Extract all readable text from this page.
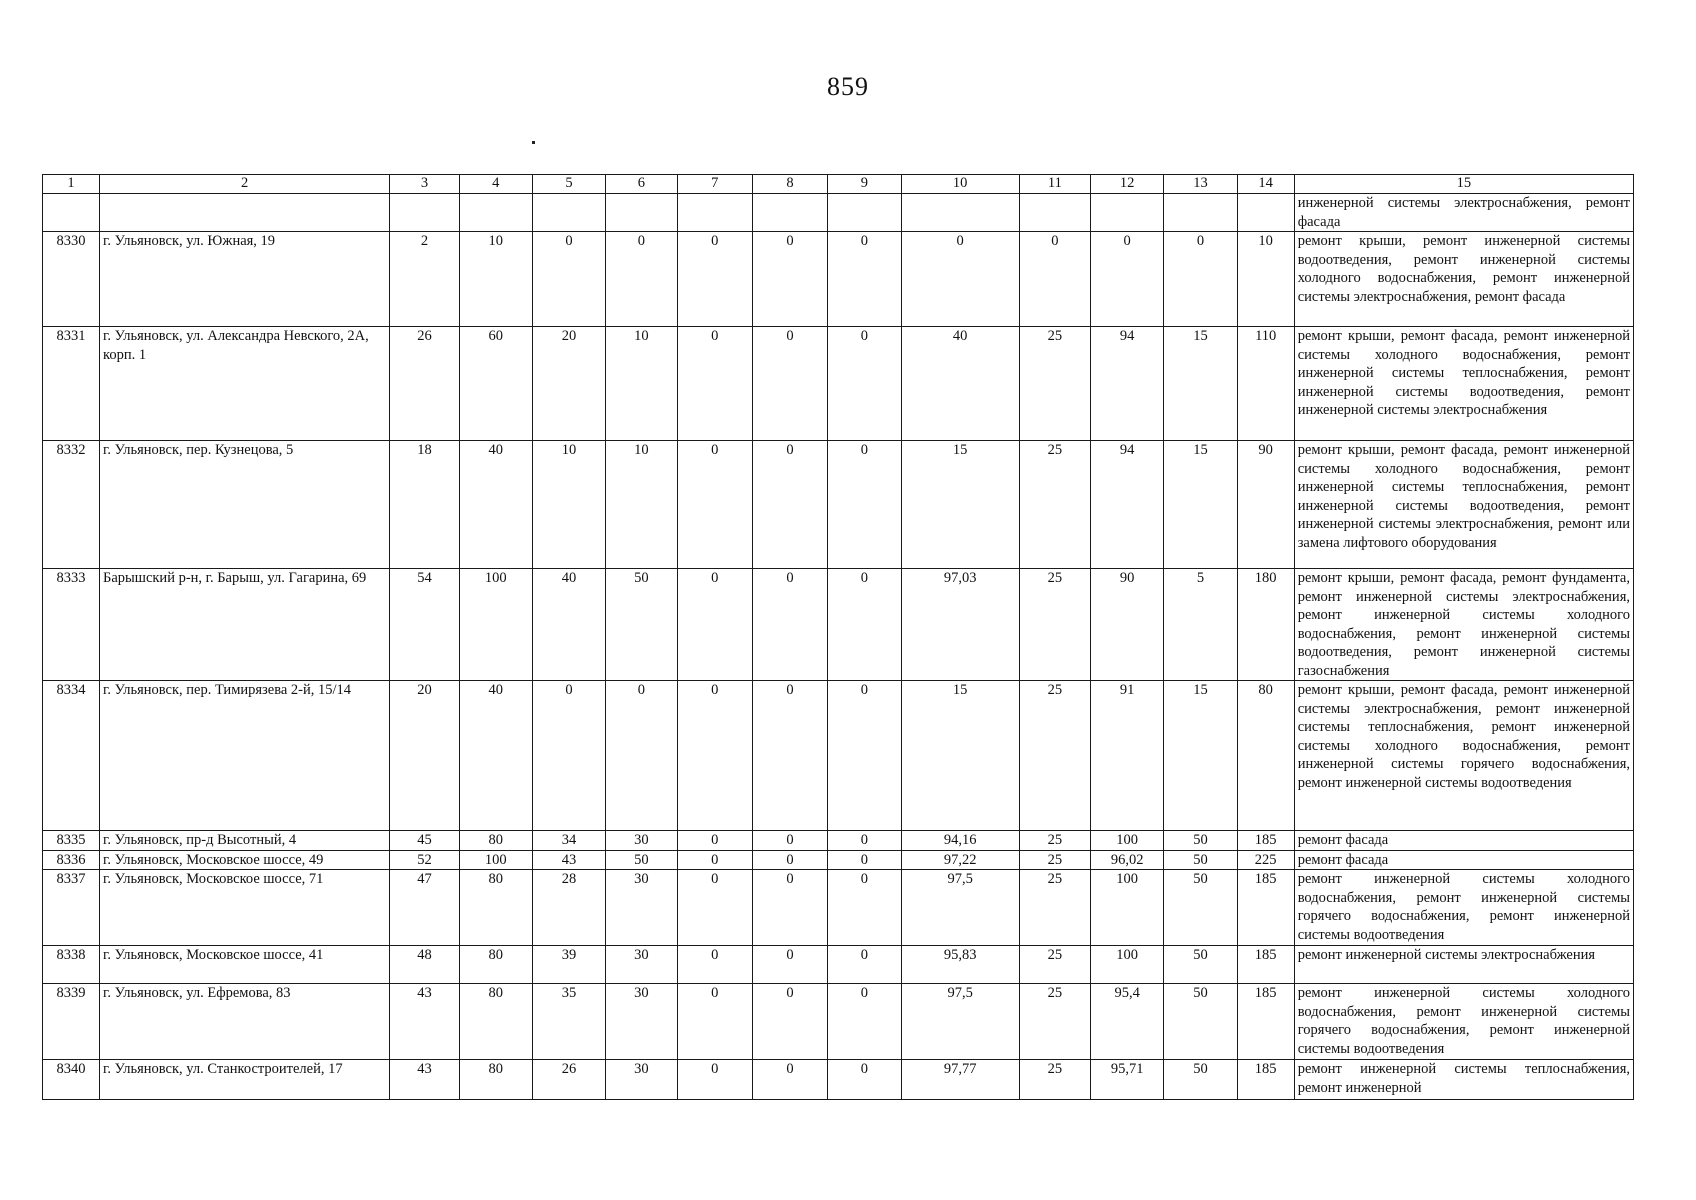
859
1	2	3	4	5	6	7	8	9	10	11	12	13	14	15
														инженерной системы электроснабжения, ремонт фасада
8330	г. Ульяновск, ул. Южная, 19	2	10	0	0	0	0	0	0	0	0	0	10	ремонт крыши, ремонт инженерной системы водоотведения, ремонт инженерной системы холодного водоснабжения, ремонт инженерной системы электроснабжения, ремонт фасада
8331	г. Ульяновск, ул. Александра Невского, 2А, корп. 1	26	60	20	10	0	0	0	40	25	94	15	110	ремонт крыши, ремонт фасада, ремонт инженерной системы холодного водоснабжения, ремонт инженерной системы теплоснабжения, ремонт инженерной системы водоотведения, ремонт инженерной системы электроснабжения
8332	г. Ульяновск, пер. Кузнецова, 5	18	40	10	10	0	0	0	15	25	94	15	90	ремонт крыши, ремонт фасада, ремонт инженерной системы холодного водоснабжения, ремонт инженерной системы теплоснабжения, ремонт инженерной системы водоотведения, ремонт инженерной системы электроснабжения, ремонт или замена лифтового оборудования
8333	Барышский р-н, г. Барыш, ул. Гагарина, 69	54	100	40	50	0	0	0	97,03	25	90	5	180	ремонт крыши, ремонт фасада, ремонт фундамента, ремонт инженерной системы электроснабжения, ремонт инженерной системы холодного водоснабжения, ремонт инженерной системы водоотведения, ремонт инженерной системы газоснабжения
8334	г. Ульяновск, пер. Тимирязева 2-й, 15/14	20	40	0	0	0	0	0	15	25	91	15	80	ремонт крыши, ремонт фасада, ремонт инженерной системы электроснабжения, ремонт инженерной системы теплоснабжения, ремонт инженерной системы холодного водоснабжения, ремонт инженерной системы горячего водоснабжения, ремонт инженерной системы водоотведения
8335	г. Ульяновск, пр-д Высотный, 4	45	80	34	30	0	0	0	94,16	25	100	50	185	ремонт фасада
8336	г. Ульяновск, Московское шоссе, 49	52	100	43	50	0	0	0	97,22	25	96,02	50	225	ремонт фасада
8337	г. Ульяновск, Московское шоссе, 71	47	80	28	30	0	0	0	97,5	25	100	50	185	ремонт инженерной системы холодного водоснабжения, ремонт инженерной системы горячего водоснабжения, ремонт инженерной системы водоотведения
8338	г. Ульяновск, Московское шоссе, 41	48	80	39	30	0	0	0	95,83	25	100	50	185	ремонт инженерной системы электроснабжения
8339	г. Ульяновск, ул. Ефремова, 83	43	80	35	30	0	0	0	97,5	25	95,4	50	185	ремонт инженерной системы холодного водоснабжения, ремонт инженерной системы горячего водоснабжения, ремонт инженерной системы водоотведения
8340	г. Ульяновск, ул. Станкостроителей, 17	43	80	26	30	0	0	0	97,77	25	95,71	50	185	ремонт инженерной системы теплоснабжения, ремонт инженерной
